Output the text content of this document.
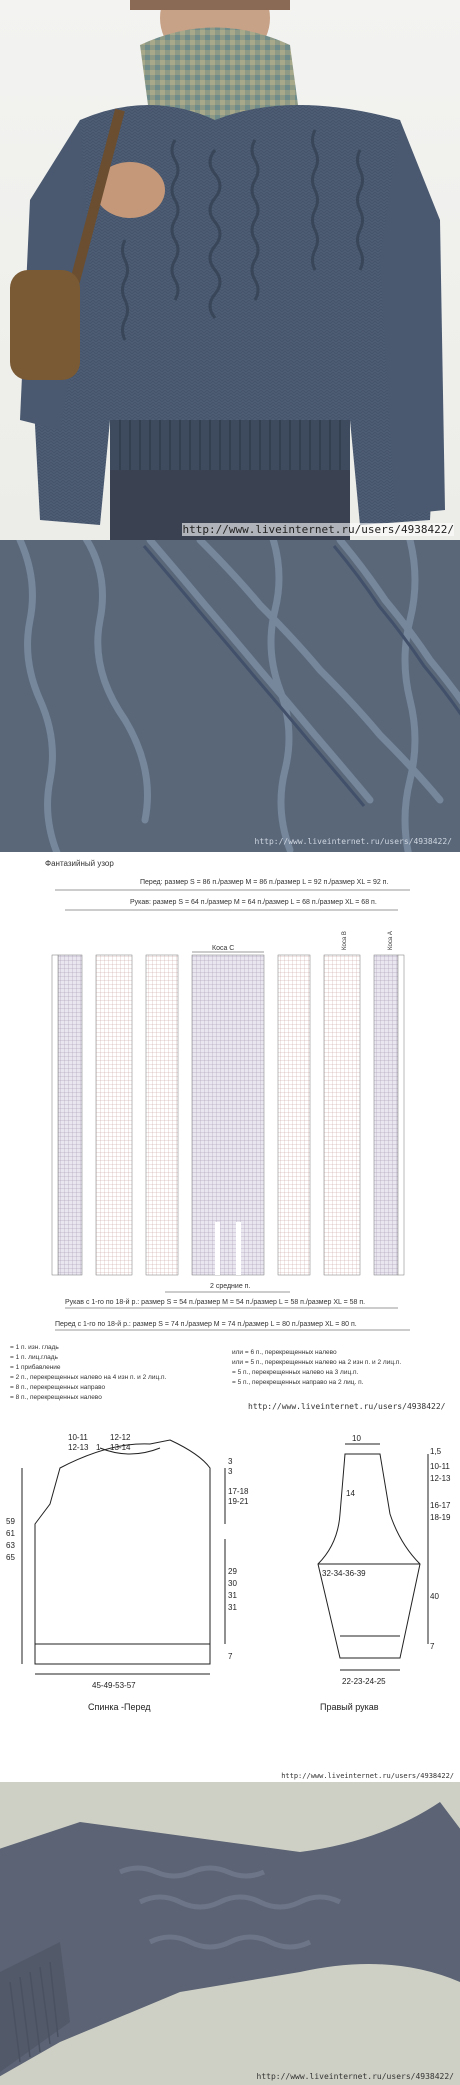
http://www.liveinternet.ru/users/4938422/
http://www.liveinternet.ru/users/4938422/
Фантазийный узор
Перед: размер S = 86 п./размер M = 86 п./размер L = 92 п./размер XL = 92 п.
Рукав: размер S = 64 п./размер M = 64 п./размер L = 68 п./размер XL = 68 п.
Коса С	Коса В	Коса А
2 средние п.
Рукав с 1-го по 18-й р.: размер S = 54 п./размер M = 54 п./размер L = 58 п./размер XL = 58 п.
Перед с 1-го по 18-й р.: размер S = 74 п./размер M = 74 п./размер L = 80 п./размер XL = 80 п.
= 1 п. изн. гладь
= 1 п. лиц.гладь
= 1 прибавление
= 2 п., перекрещенных налево на 4 изн п. и 2 лиц.п.
= 8 п., перекрещенных направо
= 8 п., перекрещенных налево
или = 6 п., перекрещенных налево
или = 5 п., перекрещенных налево на 2 изн п. и 2 лиц.п.
= 5 п., перекрещенных налево на 3 лиц.п.
= 5 п., перекрещенных направо на 2 лиц. п.
http://www.liveinternet.ru/users/4938422/
10-11
12-13 1
12-12
13-14
3
3
17-18
19-21
29
30
31
31
7
59
61
63
65
45-49-53-57
Спинка -Перед
10
1,5
10-11
12-13
14
16-17
18-19
32-34-36-39
40
7
22-23-24-25
Правый рукав
http://www.liveinternet.ru/users/4938422/
http://www.liveinternet.ru/users/4938422/
